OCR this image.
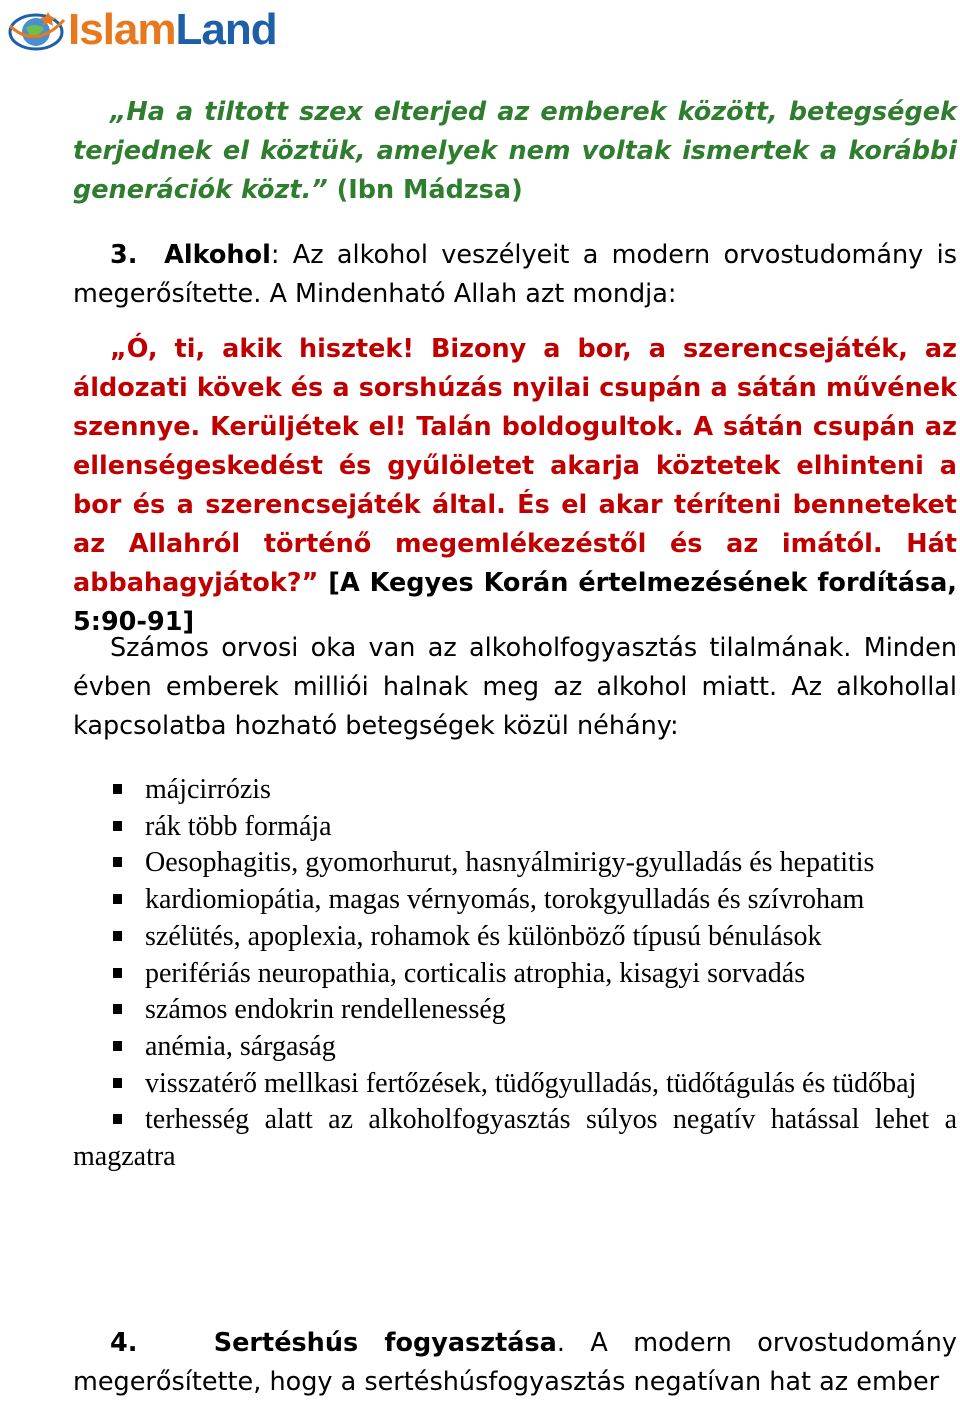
IslamLand

„Ha a tiltott szex elterjed az emberek között, betegségek terjednek el köztük, amelyek nem voltak ismertek a korábbi generációk közt.” (Ibn Mádzsa)

3. Alkohol: Az alkohol veszélyeit a modern orvostudomány is megerősítette. A Mindenható Allah azt mondja:

„Ó, ti, akik hisztek! Bizony a bor, a szerencsejáték, az áldozati kövek és a sorshúzás nyilai csupán a sátán művének szennye. Kerüljétek el! Talán boldogultok. A sátán csupán az ellenségeskedést és gyűlöletet akarja köztetek elhinteni a bor és a szerencsejáték által. És el akar téríteni benneteket az Allahról történő megemlékezéstől és az imától. Hát abbahagyjátok?” [A Kegyes Korán értelmezésének fordítása, 5:90-91]

Számos orvosi oka van az alkoholfogyasztás tilalmának. Minden évben emberek milliói halnak meg az alkohol miatt. Az alkohollal kapcsolatba hozható betegségek közül néhány:

májcirrózis
rák több formája
Oesophagitis, gyomorhurut, hasnyálmirigy-gyulladás és hepatitis
kardiomiopátia, magas vérnyomás, torokgyulladás és szívroham
szélütés, apoplexia, rohamok és különböző típusú bénulások
perifériás neuropathia, corticalis atrophia, kisagyi sorvadás
számos endokrin rendellenesség
anémia, sárgaság
visszatérő mellkasi fertőzések, tüdőgyulladás, tüdőtágulás és tüdőbaj
terhesség alatt az alkoholfogyasztás súlyos negatív hatással lehet a magzatra

4.	Sertéshús fogyasztása. A modern orvostudomány megerősítette, hogy a sertéshúsfogyasztás negatívan hat az ember
